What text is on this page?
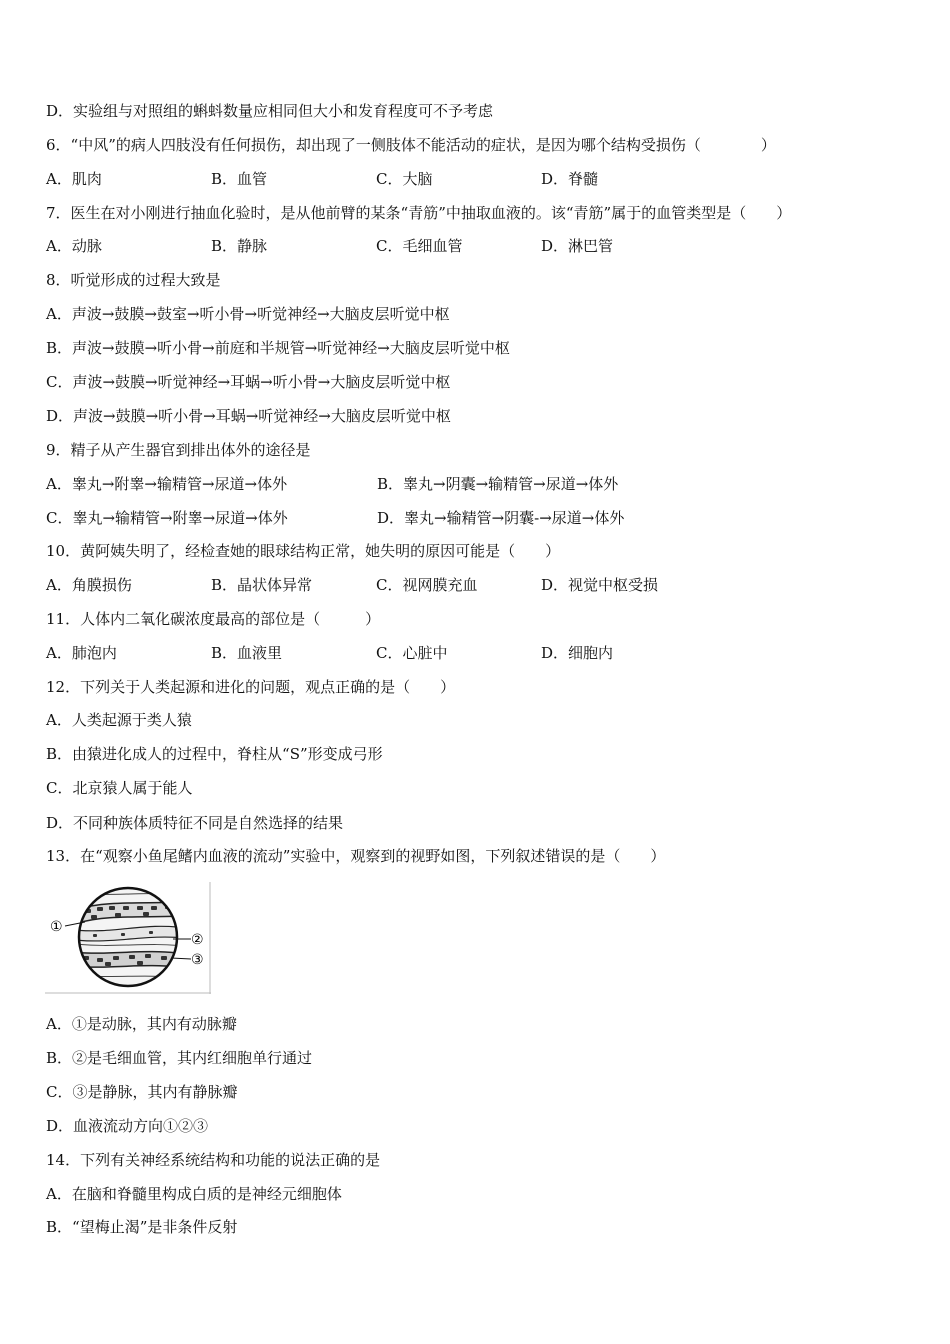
D．实验组与对照组的蝌蚪数量应相同但大小和发育程度可不予考虑
6．“中风”的病人四肢没有任何损伤，却出现了一侧肢体不能活动的症状，是因为哪个结构受损伤（　　　　）
A．肌肉	B．血管	C．大脑	D．脊髓
7．医生在对小刚进行抽血化验时，是从他前臂的某条“青筋”中抽取血液的。该“青筋”属于的血管类型是（　　）
A．动脉	B．静脉	C．毛细血管	D．淋巴管
8．听觉形成的过程大致是
A．声波→鼓膜→鼓室→听小骨→听觉神经→大脑皮层听觉中枢
B．声波→鼓膜→听小骨→前庭和半规管→听觉神经→大脑皮层听觉中枢
C．声波→鼓膜→听觉神经→耳蜗→听小骨→大脑皮层听觉中枢
D．声波→鼓膜→听小骨→耳蜗→听觉神经→大脑皮层听觉中枢
9．精子从产生器官到排出体外的途径是
A．睾丸→附睾→输精管→尿道→体外	B．睾丸→阴囊→输精管→尿道→体外
C．睾丸→输精管→附睾→尿道→体外	D．睾丸→输精管→阴囊-→尿道→体外
10．黄阿姨失明了，经检查她的眼球结构正常，她失明的原因可能是（　　）
A．角膜损伤	B．晶状体异常	C．视网膜充血	D．视觉中枢受损
11．人体内二氧化碳浓度最高的部位是（　　　）
A．肺泡内	B．血液里	C．心脏中	D．细胞内
12．下列关于人类起源和进化的问题，观点正确的是（　　）
A．人类起源于类人猿
B．由猿进化成人的过程中，脊柱从“S”形变成弓形
C．北京猿人属于能人
D．不同种族体质特征不同是自然选择的结果
13．在“观察小鱼尾鳍内血液的流动”实验中，观察到的视野如图，下列叙述错误的是（　　）
①
②
③
A．①是动脉，其内有动脉瓣
B．②是毛细血管，其内红细胞单行通过
C．③是静脉，其内有静脉瓣
D．血液流动方向①②③
14．下列有关神经系统结构和功能的说法正确的是
A．在脑和脊髓里构成白质的是神经元细胞体
B．“望梅止渴”是非条件反射
